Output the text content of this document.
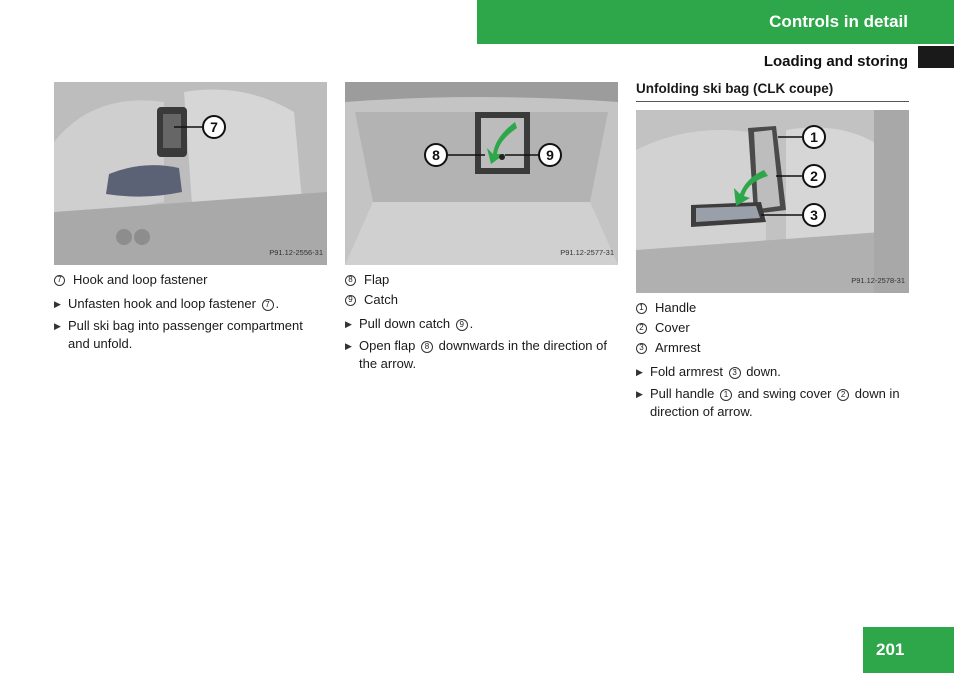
Controls in detail
Loading and storing
7
P91.12-2556-31
7 Hook and loop fastener
▶ Unfasten hook and loop fastener 7 .
▶ Pull ski bag into passenger compartment and unfold.
8	9
P91.12-2577-31
8 Flap
9 Catch
▶ Pull down catch 9 .
▶ Open flap 8 downwards in the direction of the arrow.
Unfolding ski bag (CLK coupe)
1
2
3
P91.12-2578-31
1 Handle
2 Cover
3 Armrest
▶ Fold armrest 3 down.
▶ Pull handle 1 and swing cover 2 down in direction of arrow.
201
